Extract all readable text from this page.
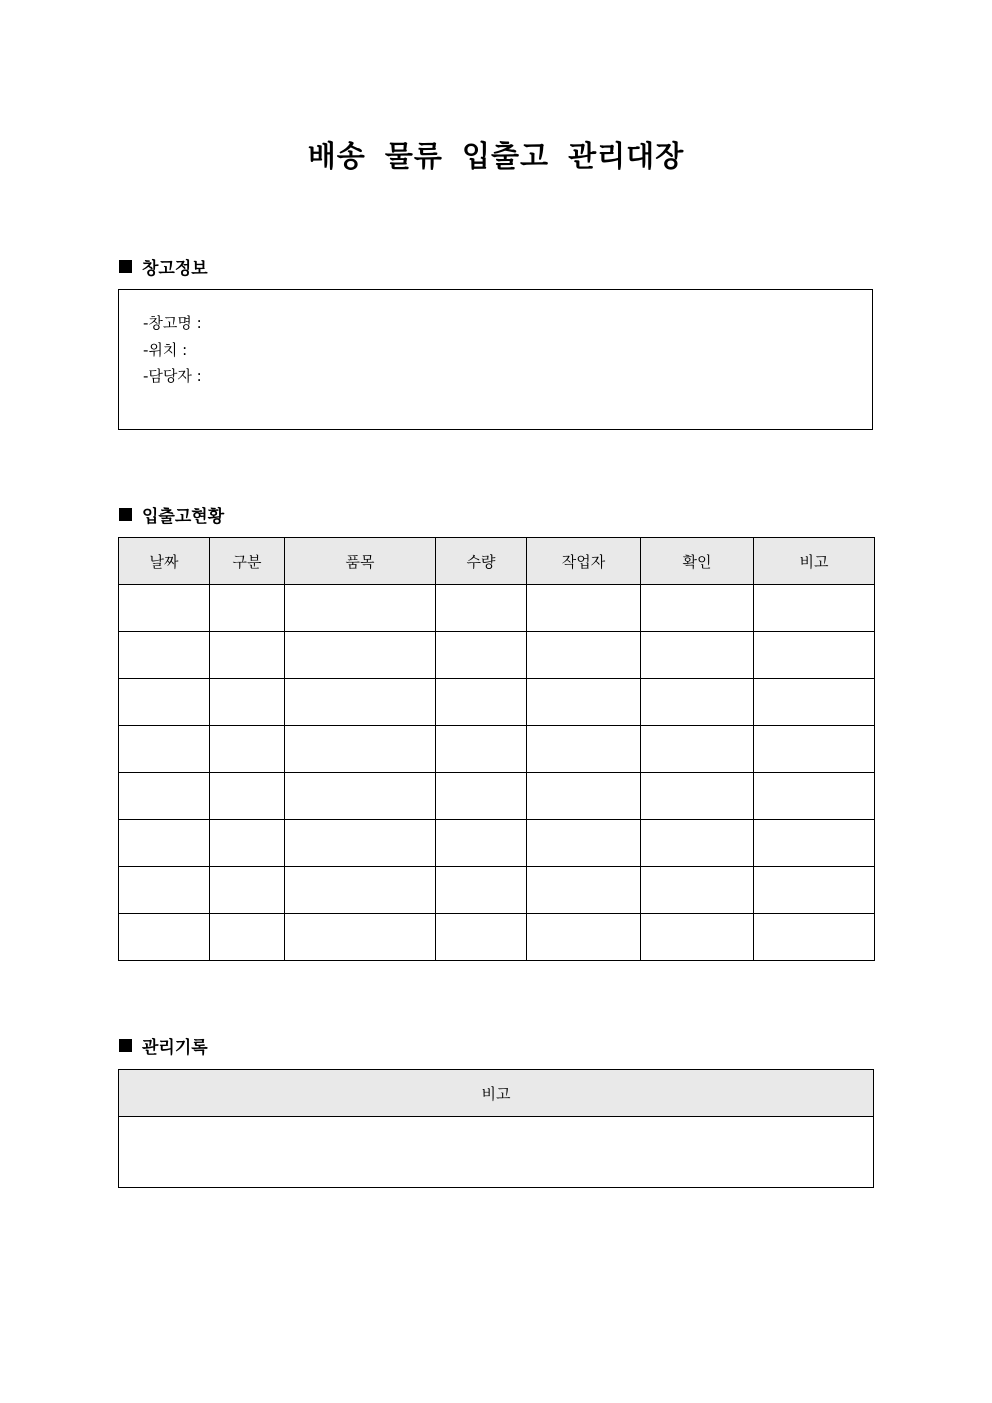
배송 물류 입출고 관리대장
창고정보
-창고명 :
-위치 :
-담당자 :
입출고현황
날짜	구분	품목	수량	작업자	확인	비고

관리기록
비고
